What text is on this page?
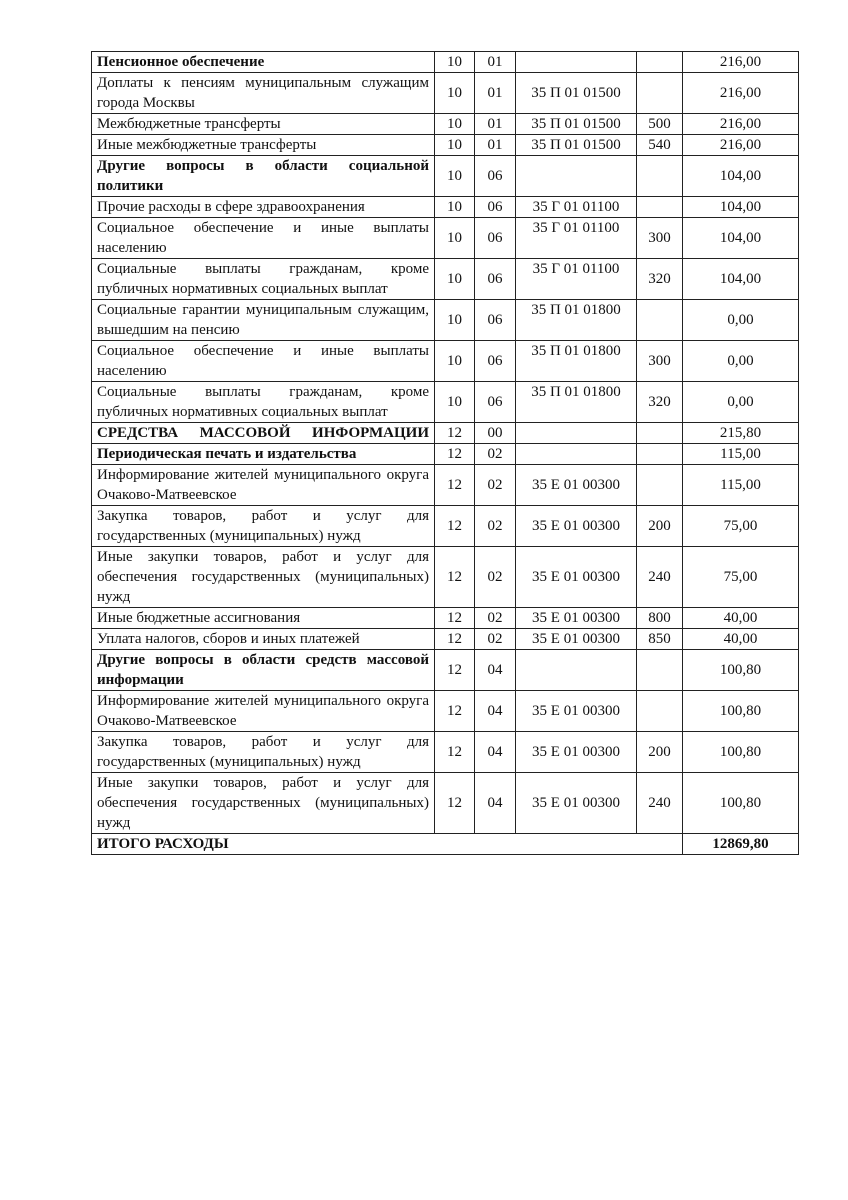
Пенсионное обеспечение	10	01			216,00
Доплаты к пенсиям муниципальным служащим города Москвы	10	01	35 П 01 01500		216,00
Межбюджетные трансферты	10	01	35 П 01 01500	500	216,00
Иные межбюджетные трансферты	10	01	35 П 01 01500	540	216,00
Другие вопросы в области социальной политики	10	06			104,00
Прочие расходы в сфере здравоохранения	10	06	35 Г 01 01100		104,00
Социальное обеспечение и иные выплаты населению	10	06	35 Г 01 01100	300	104,00
Социальные выплаты гражданам, кроме публичных нормативных социальных выплат	10	06	35 Г 01 01100	320	104,00
Социальные гарантии муниципальным служащим, вышедшим на пенсию	10	06	35 П 01 01800		0,00
Социальное обеспечение и иные выплаты населению	10	06	35 П 01 01800	300	0,00
Социальные выплаты гражданам, кроме публичных нормативных социальных выплат	10	06	35 П 01 01800	320	0,00
СРЕДСТВА МАССОВОЙ ИНФОРМАЦИИ	12	00			215,80
Периодическая печать и издательства	12	02			115,00
Информирование жителей муниципального округа Очаково-Матвеевское	12	02	35 Е 01 00300		115,00
Закупка товаров, работ и услуг для государственных (муниципальных) нужд	12	02	35 Е 01 00300	200	75,00
Иные закупки товаров, работ и услуг для обеспечения государственных (муниципальных) нужд	12	02	35 Е 01 00300	240	75,00
Иные бюджетные ассигнования	12	02	35 Е 01 00300	800	40,00
Уплата налогов, сборов и иных платежей	12	02	35 Е 01 00300	850	40,00
Другие вопросы в области средств массовой информации	12	04			100,80
Информирование жителей муниципального округа Очаково-Матвеевское	12	04	35 Е 01 00300		100,80
Закупка товаров, работ и услуг для государственных (муниципальных) нужд	12	04	35 Е 01 00300	200	100,80
Иные закупки товаров, работ и услуг для обеспечения государственных (муниципальных) нужд	12	04	35 Е 01 00300	240	100,80
ИТОГО РАСХОДЫ					12869,80
